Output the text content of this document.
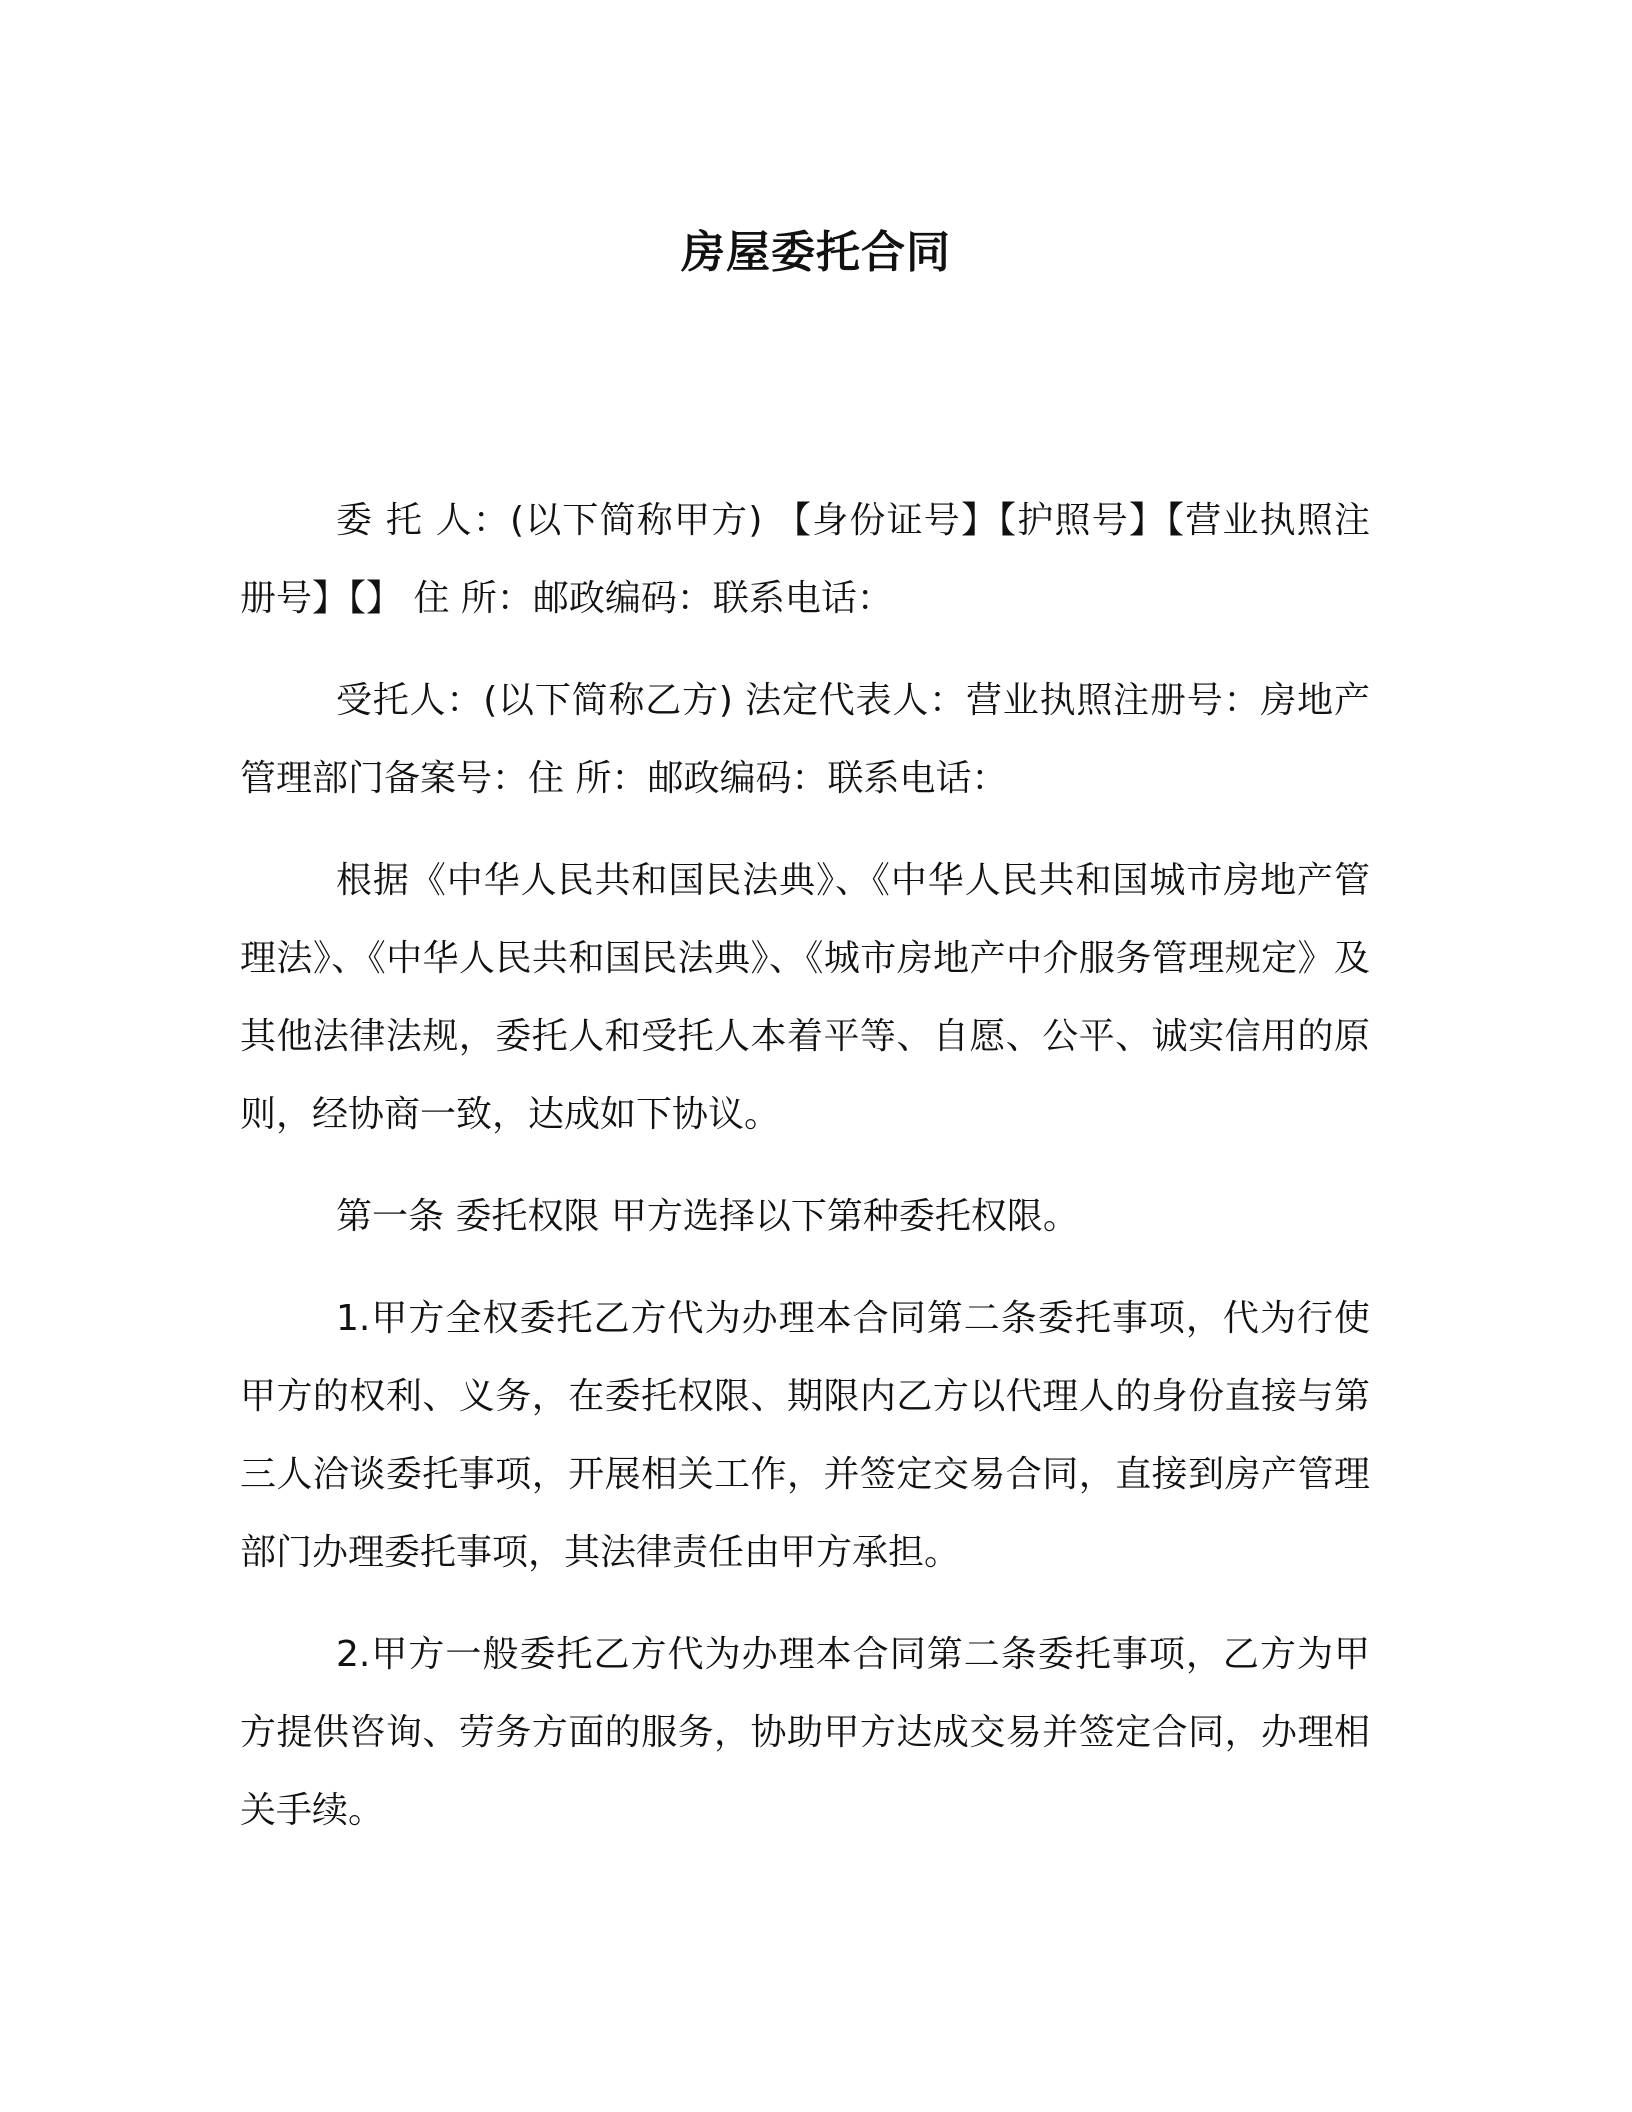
房屋委托合同

委 托 人：(以下简称甲方) 【身份证号】【护照号】【营业执照注册号】【】 住 所：邮政编码：联系电话：

受托人：(以下简称乙方) 法定代表人：营业执照注册号：房地产管理部门备案号：住 所：邮政编码：联系电话：

根据《中华人民共和国民法典》、《中华人民共和国城市房地产管理法》、《中华人民共和国民法典》、《城市房地产中介服务管理规定》及其他法律法规，委托人和受托人本着平等、自愿、公平、诚实信用的原则，经协商一致，达成如下协议。

第一条 委托权限 甲方选择以下第种委托权限。

1.甲方全权委托乙方代为办理本合同第二条委托事项，代为行使甲方的权利、义务，在委托权限、期限内乙方以代理人的身份直接与第三人洽谈委托事项，开展相关工作，并签定交易合同，直接到房产管理部门办理委托事项，其法律责任由甲方承担。

2.甲方一般委托乙方代为办理本合同第二条委托事项，乙方为甲方提供咨询、劳务方面的服务，协助甲方达成交易并签定合同，办理相关手续。
